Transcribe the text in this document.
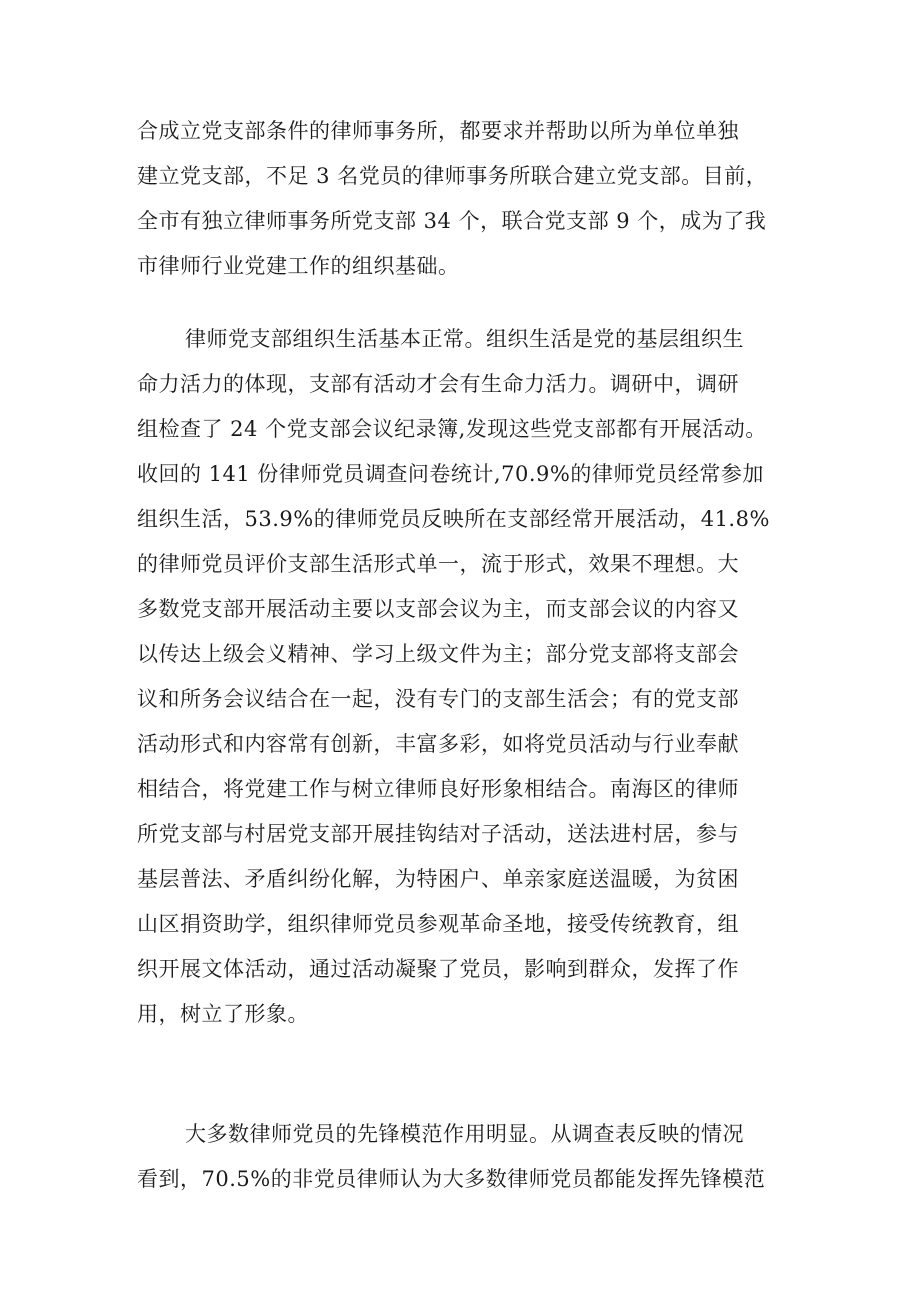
合成立党支部条件的律师事务所，都要求并帮助以所为单位单独
建立党支部，不足 3 名党员的律师事务所联合建立党支部。目前，
全市有独立律师事务所党支部 34 个，联合党支部 9 个，成为了我
市律师行业党建工作的组织基础。
律师党支部组织生活基本正常。组织生活是党的基层组织生
命力活力的体现，支部有活动才会有生命力活力。调研中，调研
组检查了 24 个党支部会议纪录簿,发现这些党支部都有开展活动。
收回的 141 份律师党员调查问卷统计,70.9%的律师党员经常参加
组织生活，53.9%的律师党员反映所在支部经常开展活动，41.8%
的律师党员评价支部生活形式单一，流于形式，效果不理想。大
多数党支部开展活动主要以支部会议为主，而支部会议的内容又
以传达上级会义精神、学习上级文件为主；部分党支部将支部会
议和所务会议结合在一起，没有专门的支部生活会；有的党支部
活动形式和内容常有创新，丰富多彩，如将党员活动与行业奉献
相结合，将党建工作与树立律师良好形象相结合。南海区的律师
所党支部与村居党支部开展挂钩结对子活动，送法进村居，参与
基层普法、矛盾纠纷化解，为特困户、单亲家庭送温暖，为贫困
山区捐资助学，组织律师党员参观革命圣地，接受传统教育，组
织开展文体活动，通过活动凝聚了党员，影响到群众，发挥了作
用，树立了形象。
大多数律师党员的先锋模范作用明显。从调查表反映的情况
看到，70.5%的非党员律师认为大多数律师党员都能发挥先锋模范
